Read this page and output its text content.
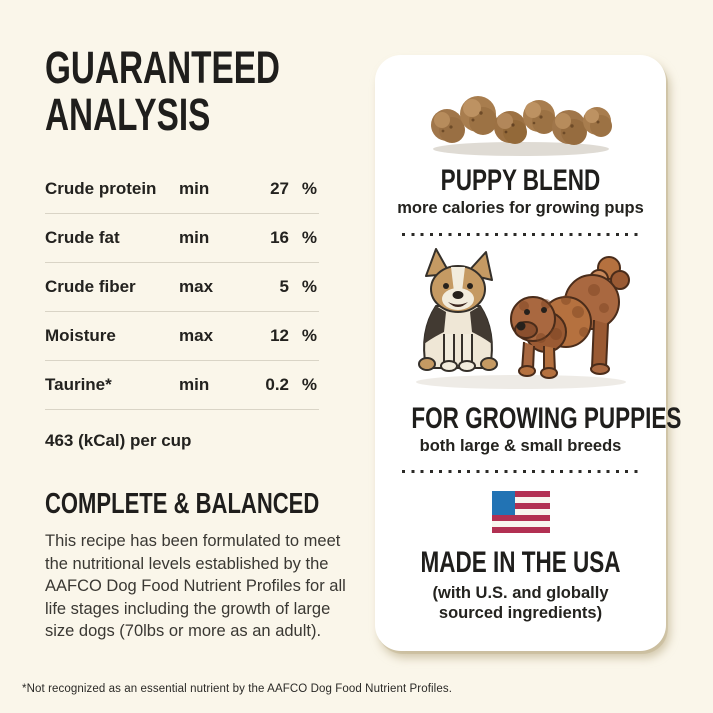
GUARANTEED
ANALYSIS
Crude protein	min	27 %
Crude fat	min	16 %
Crude fiber	max	5 %
Moisture	max	12 %
Taurine*	min	0.2 %
463 (kCal) per cup
COMPLETE & BALANCED
This recipe has been formulated to meet the nutritional levels established by the AAFCO Dog Food Nutrient Profiles for all life stages including the growth of large size dogs (70lbs or more as an adult).
*Not recognized as an essential nutrient by the AAFCO Dog Food Nutrient Profiles.
PUPPY BLEND
more calories for growing pups
FOR GROWING PUPPIES
both large & small breeds
MADE IN THE USA
(with U.S. and globally sourced ingredients)
